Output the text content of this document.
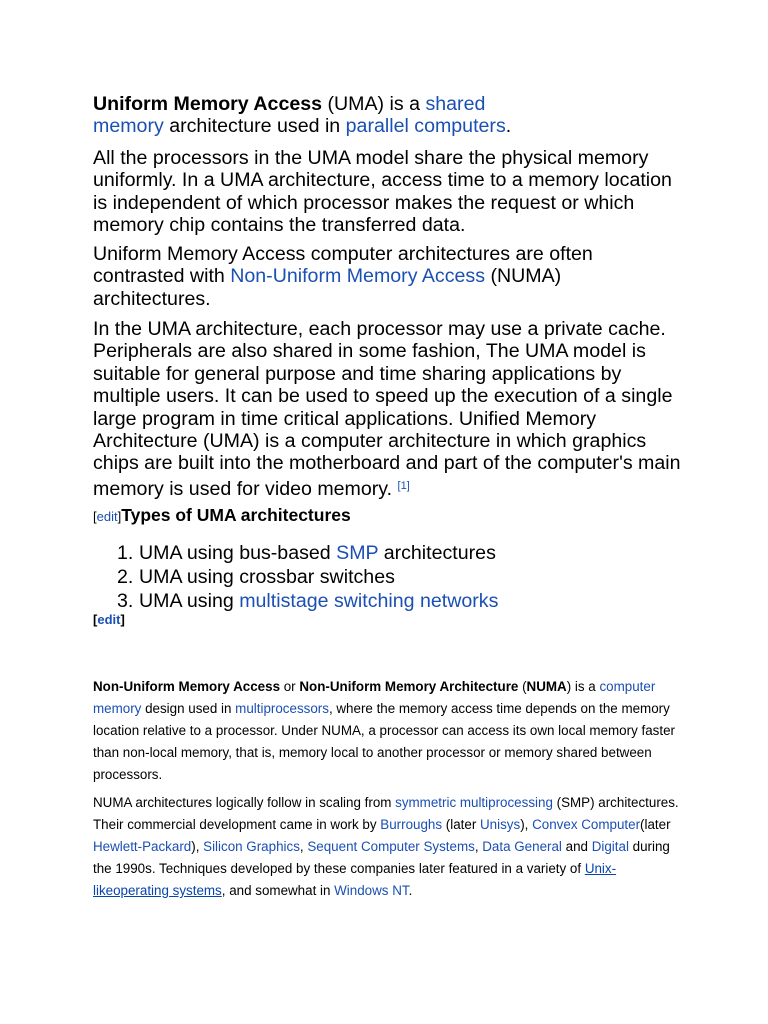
Uniform Memory Access (UMA) is a shared
memory architecture used in parallel computers.

All the processors in the UMA model share the physical memory uniformly. In a UMA architecture, access time to a memory location is independent of which processor makes the request or which memory chip contains the transferred data.

Uniform Memory Access computer architectures are often contrasted with Non-Uniform Memory Access (NUMA) architectures.

In the UMA architecture, each processor may use a private cache. Peripherals are also shared in some fashion, The UMA model is suitable for general purpose and time sharing applications by multiple users. It can be used to speed up the execution of a single large program in time critical applications. Unified Memory Architecture (UMA) is a computer architecture in which graphics chips are built into the motherboard and part of the computer's main memory is used for video memory. [1]

[edit]Types of UMA architectures
1. UMA using bus-based SMP architectures
2. UMA using crossbar switches
3. UMA using multistage switching networks
[edit]

Non-Uniform Memory Access or Non-Uniform Memory Architecture (NUMA) is a computer memory design used in multiprocessors, where the memory access time depends on the memory location relative to a processor. Under NUMA, a processor can access its own local memory faster than non-local memory, that is, memory local to another processor or memory shared between processors.

NUMA architectures logically follow in scaling from symmetric multiprocessing (SMP) architectures. Their commercial development came in work by Burroughs (later Unisys), Convex Computer(later Hewlett-Packard), Silicon Graphics, Sequent Computer Systems, Data General and Digital during the 1990s. Techniques developed by these companies later featured in a variety of Unix-likeoperating systems, and somewhat in Windows NT.
